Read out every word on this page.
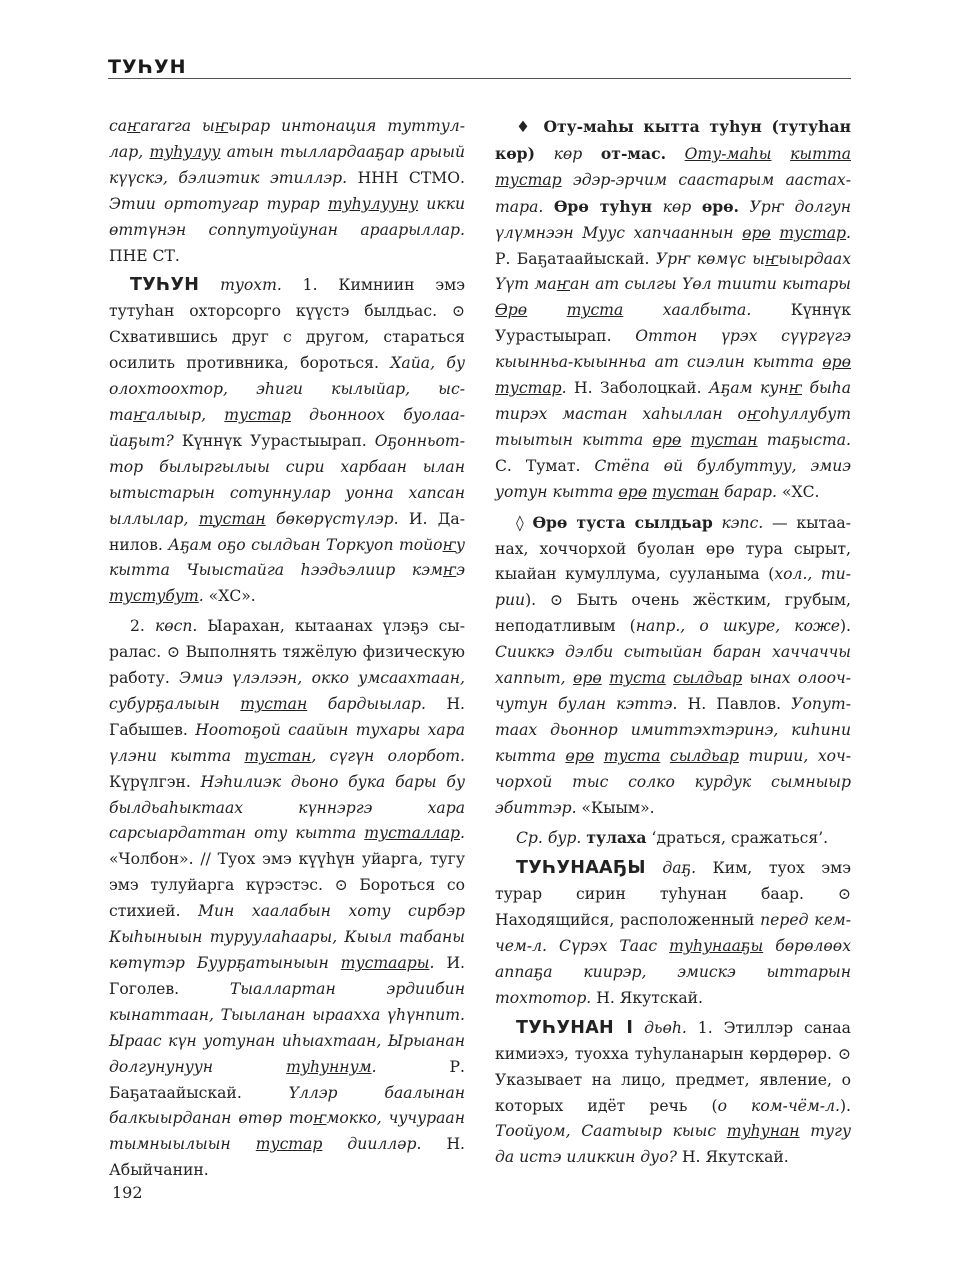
ТУҺУН

саҥararга ыҥырар интонация туттуллар, туһулуу атын тыллардааҕар арыый күүскэ, бэлиэтик этиллэр. ННН СТМО. Этии ортотугар турар туһулууну икки өттүнэн соппутуойунан араарыллар. ПНЕ СТ.

ТУҺУН туохт. 1. Кимниин эмэ тутуһан охторсорго күүстэ былдьас. ⊙ Схватившись друг с другом, стараться осилить противника, бороться. Хайа, бу олохтоохтор, эһиги кылыйар, ыстаҥалыыр, тустар дьонноох буолаайаҕыт? Күннүк Уурастыырап. Оҕонньоттор былыргылыы сири харбаан ылан ытыстарын сотуннулар уонна хапсан ыллылар, тустан бөкөрүстүлэр. И. Данилов. Аҕам оҕо сылдьан Торкуоп тойоҥу кытта Чыыстайга һээдьэлиир кэмҥэ тустубут. «ХС».

2. көсп. Ыарахан, кытаанах үлэҕэ сыралас. ⊙ Выполнять тяжёлую физическую работу. Эмиэ үлэлээн, окко умсаахтаан, субурҕалыын тустан бардыылар. Н. Габышев. Ноотоҕой саайын тухары хара үлэни кытта тустан, сүгүн олорбот. Күрүлгэн. Нэһилиэк дьоно бука бары бу былдьаһыктаах күннэргэ хара сарсыардаттан оту кытта тусталлар. «Чолбон». // Туох эмэ күүһүн уйарга, тугу эмэ тулуйарга күрэстэс. ⊙ Бороться со стихией. Мин хаалабын хоту сирбэр Кыһыныын туруулаһаары, Кыыл табаны көтүтэр Буурҕатыныын тустаары. И. Гоголев. Тыаллартан эрдиибин кынаттаан, Тыыланан ыраахха үһүнnum. Ыраас күн уотунан иһыахтаан, Ырыанан долгунунуун туһуннум. Ρ. Баҕатаайыскай. Үллэр баалынан балкыырданан өтөр тоҥмокко, чучураан тымныылыын тустар диилләр. Н. Абыйчанин.

♦ Оту-маһы кытта туһун (тутуһан көр) көр от-мас. Оту-маһы кытта тустар эдэр-эрчим саастарым аастахтара. Өрө туһун көр өрө. Урҥ долгун үлүмнээн Муус хапчааннын өрө тустар. Ρ. Баҕатаайыскай. Урҥ көмүс ыҥыырдаах Үүт маҥан ат сылгы Үөл тиити кытары Өрө	туста хаалбыта. Күннүк Уурастыырап. Оттон үрэх сүүргүгэ кыынньа-кыынньа ат сиэлин кытта өрө тустар. Н. Заболоцкай. Аҕам кунҥ быһа тирэх мастан хаһыллан оҥоһуллубут тыытын кытта өрө тустан таҕыста. С. Тумат. Стёпа өй булбуттуу, эмиэ уотун кытта өрө тустан барар. «ХС.

◊ Өрө туста сылдьар кэпс. — кытаанах, хоччорхой буолан өрө тура сырыт, кыайан кумуллума, сууланыма (хол., тирии). ⊙ Быть очень жёстким, грубым, неподатливым (напр., о шкуре, коже). Сииккэ дэлби сытыйан баран хаччаччы хаппыт, өрө туста сылдьар ынах олооччутун булан кэттэ. Н. Павлов. Уопуттаах дьоннор имиттэхтэринэ, киһини кытта өрө туста сылдьар тирии, хоччорхой тыс солко курдук сымныыр эбиттэр. «Кыым».

Ср. бур. тулаха ‘драться, сражаться’.

ТУҺУНААҔЫ даҕ. Ким, туох эмэ турар сирин туһунан баар. ⊙ Находящийся, расположенный перед кем-чем-л. Сүрэх Таас туһунааҕы бөрөлөөх аппаҕа киирэр, эмискэ ыттарын тохтотор. Н. Якутскай.

ТУҺУНАН I дьөһ. 1. Этиллэр санаа кимиэхэ, туохха туһуланарын көрдөрөр. ⊙ Указывает на лицо, предмет, явление, о которых идёт речь (о ком-чём-л.). Тоойуом, Саатыыр кыыс туһунан тугу да истэ иликкин дуо? Н. Якутскай.

192
